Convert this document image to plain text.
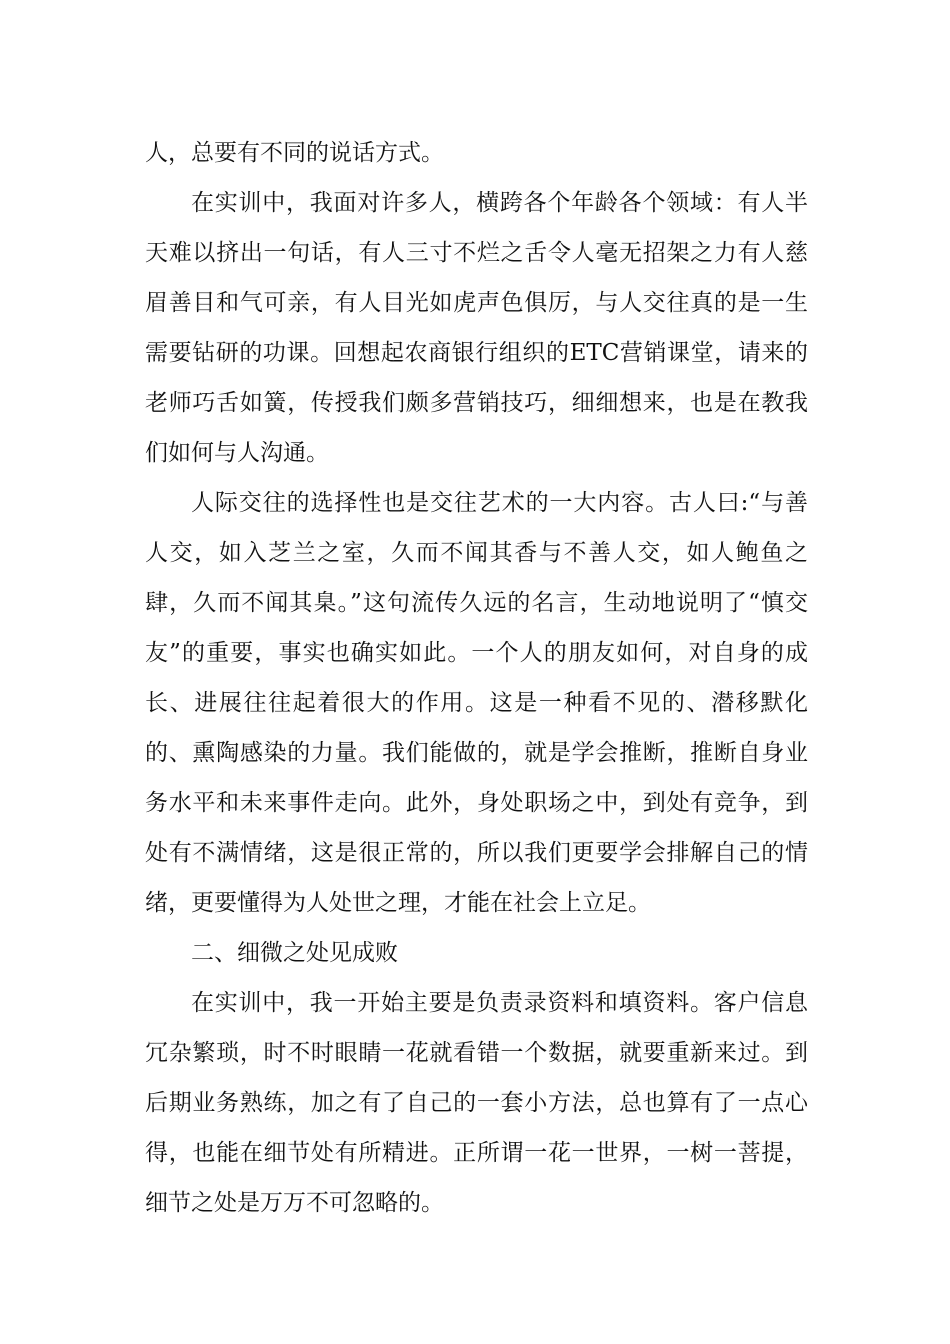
人，总要有不同的说话方式。

在实训中，我面对许多人，横跨各个年龄各个领域：有人半天难以挤出一句话，有人三寸不烂之舌令人毫无招架之力有人慈眉善目和气可亲，有人目光如虎声色俱厉，与人交往真的是一生需要钻研的功课。回想起农商银行组织的ETC营销课堂，请来的老师巧舌如簧，传授我们颇多营销技巧，细细想来，也是在教我们如何与人沟通。

人际交往的选择性也是交往艺术的一大内容。古人曰:“与善人交，如入芝兰之室，久而不闻其香与不善人交，如人鲍鱼之肆，久而不闻其臬。”这句流传久远的名言，生动地说明了“慎交友”的重要，事实也确实如此。一个人的朋友如何，对自身的成长、进展往往起着很大的作用。这是一种看不见的、潜移默化的、熏陶感染的力量。我们能做的，就是学会推断，推断自身业务水平和未来事件走向。此外，身处职场之中，到处有竞争，到处有不满情绪，这是很正常的，所以我们更要学会排解自己的情绪，更要懂得为人处世之理，才能在社会上立足。

二、细微之处见成败

在实训中，我一开始主要是负责录资料和填资料。客户信息冗杂繁琐，时不时眼睛一花就看错一个数据，就要重新来过。到后期业务熟练，加之有了自己的一套小方法，总也算有了一点心得，也能在细节处有所精进。正所谓一花一世界，一树一菩提，细节之处是万万不可忽略的。
